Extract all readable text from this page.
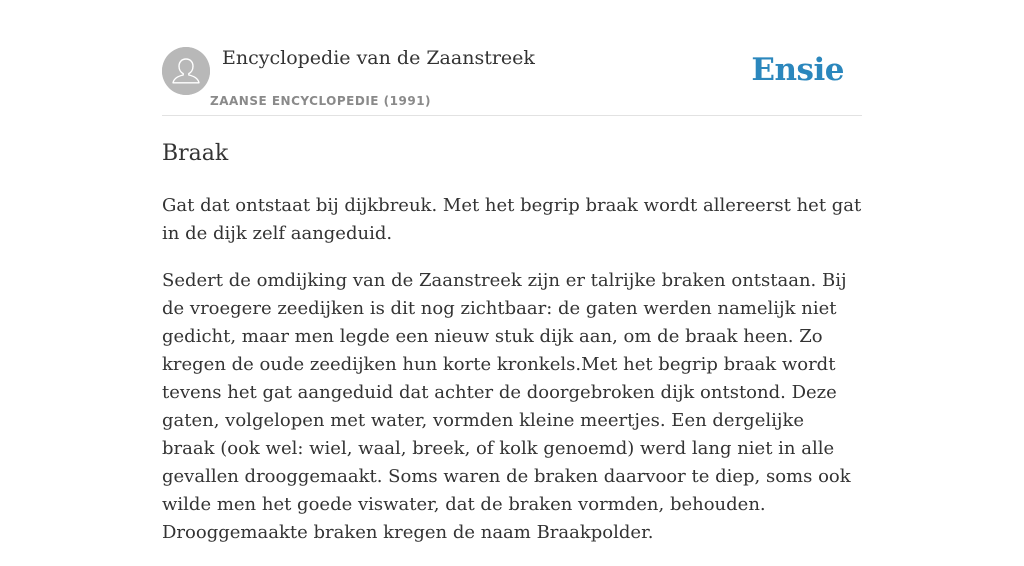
Encyclopedie van de Zaanstreek
ZAANSE ENCYCLOPEDIE (1991)
Ensie
Braak

Gat dat ontstaat bij dijkbreuk. Met het begrip braak wordt allereerst het gat in de dijk zelf aangeduid.

Sedert de omdijking van de Zaanstreek zijn er talrijke braken ontstaan. Bij de vroegere zeedijken is dit nog zichtbaar: de gaten werden namelijk niet gedicht, maar men legde een nieuw stuk dijk aan, om de braak heen. Zo kregen de oude zeedijken hun korte kronkels.Met het begrip braak wordt tevens het gat aangeduid dat achter de doorgebroken dijk ontstond. Deze gaten, volgelopen met water, vormden kleine meertjes. Een dergelijke braak (ook wel: wiel, waal, breek, of kolk genoemd) werd lang niet in alle gevallen drooggemaakt. Soms waren de braken daarvoor te diep, soms ook wilde men het goede viswater, dat de braken vormden, behouden. Drooggemaakte braken kregen de naam Braakpolder.
